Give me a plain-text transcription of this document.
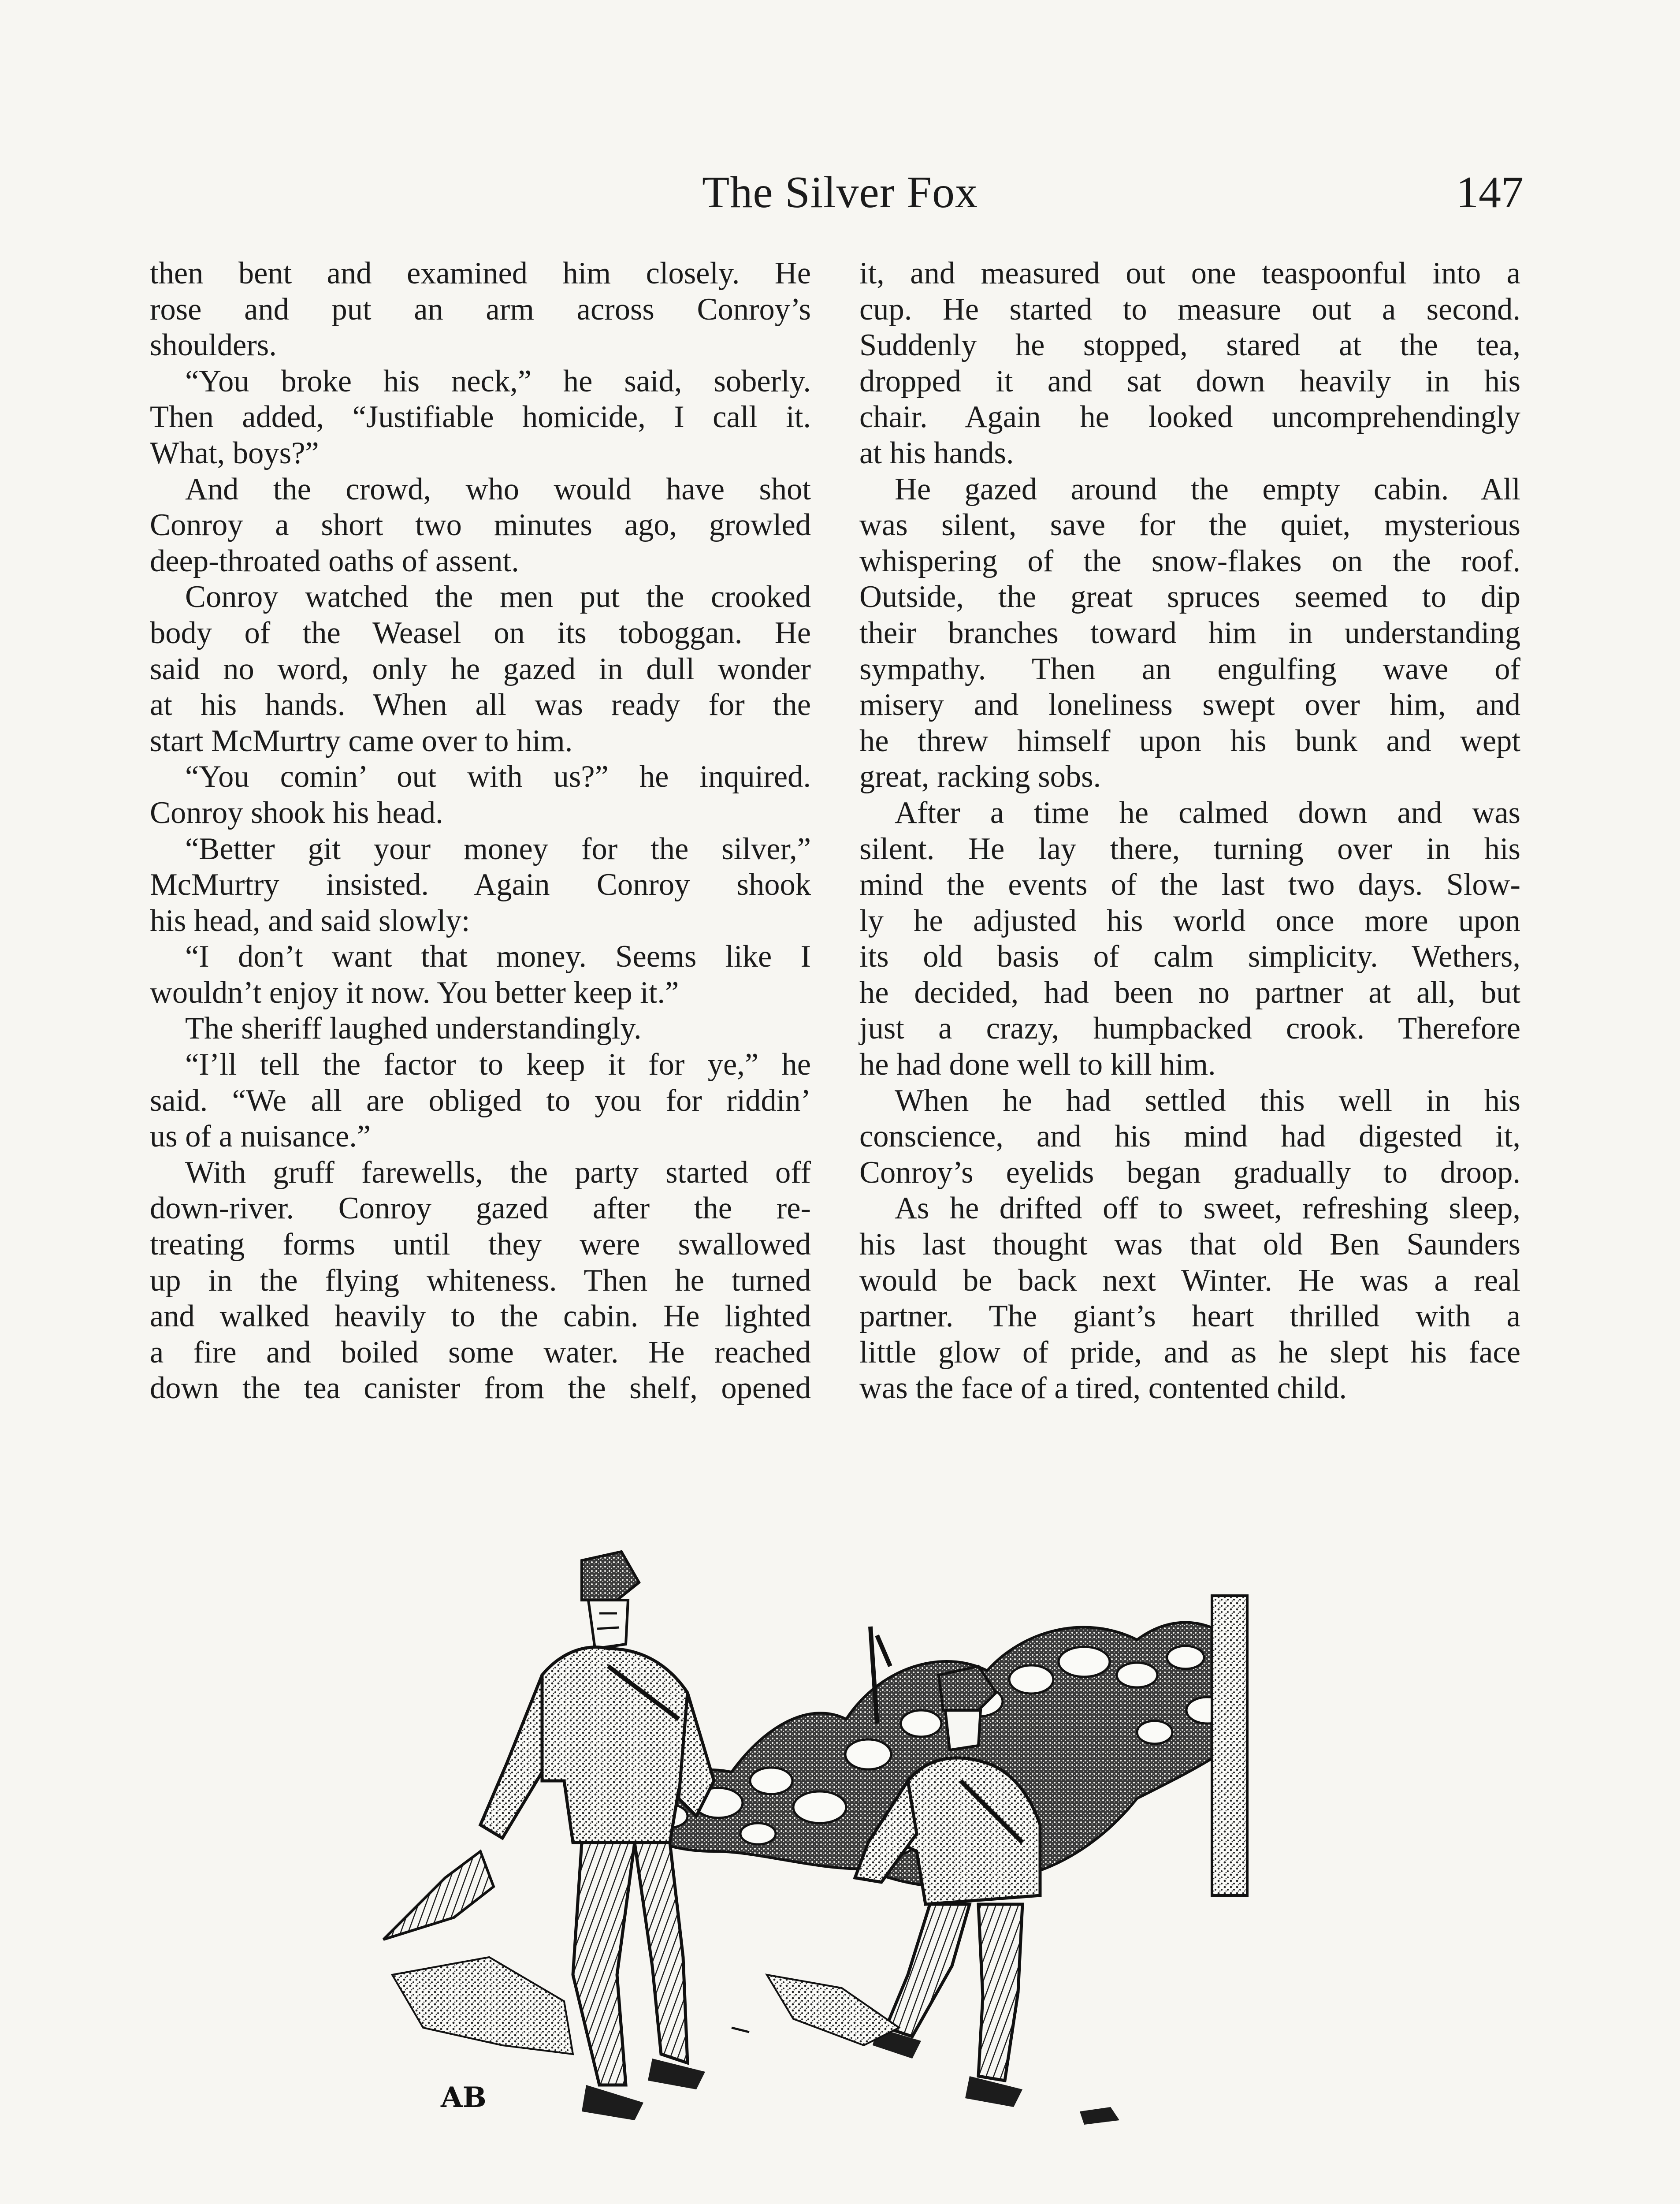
The Silver Fox	147
then bent and examined him closely. He
rose and put an arm across Conroy’s
shoulders.
“You broke his neck,” he said, soberly.
Then added, “Justifiable homicide, I call it.
What, boys?”
And the crowd, who would have shot
Conroy a short two minutes ago, growled
deep-throated oaths of assent.
Conroy watched the men put the crooked
body of the Weasel on its toboggan. He
said no word, only he gazed in dull wonder
at his hands. When all was ready for the
start McMurtry came over to him.
“You comin’ out with us?” he inquired.
Conroy shook his head.
“Better git your money for the silver,”
McMurtry insisted. Again Conroy shook
his head, and said slowly:
“I don’t want that money. Seems like I
wouldn’t enjoy it now. You better keep it.”
The sheriff laughed understandingly.
“I’ll tell the factor to keep it for ye,” he
said. “We all are obliged to you for riddin’
us of a nuisance.”
With gruff farewells, the party started off
down-river. Conroy gazed after the re-
treating forms until they were swallowed
up in the flying whiteness. Then he turned
and walked heavily to the cabin. He lighted
a fire and boiled some water. He reached
down the tea canister from the shelf, opened
it, and measured out one teaspoonful into a
cup. He started to measure out a second.
Suddenly he stopped, stared at the tea,
dropped it and sat down heavily in his
chair. Again he looked uncomprehendingly
at his hands.
He gazed around the empty cabin. All
was silent, save for the quiet, mysterious
whispering of the snow-flakes on the roof.
Outside, the great spruces seemed to dip
their branches toward him in understanding
sympathy. Then an engulfing wave of
misery and loneliness swept over him, and
he threw himself upon his bunk and wept
great, racking sobs.
After a time he calmed down and was
silent. He lay there, turning over in his
mind the events of the last two days. Slow-
ly he adjusted his world once more upon
its old basis of calm simplicity. Wethers,
he decided, had been no partner at all, but
just a crazy, humpbacked crook. Therefore
he had done well to kill him.
When he had settled this well in his
conscience, and his mind had digested it,
Conroy’s eyelids began gradually to droop.
As he drifted off to sweet, refreshing sleep,
his last thought was that old Ben Saunders
would be back next Winter. He was a real
partner. The giant’s heart thrilled with a
little glow of pride, and as he slept his face
was the face of a tired, contented child.
AB
